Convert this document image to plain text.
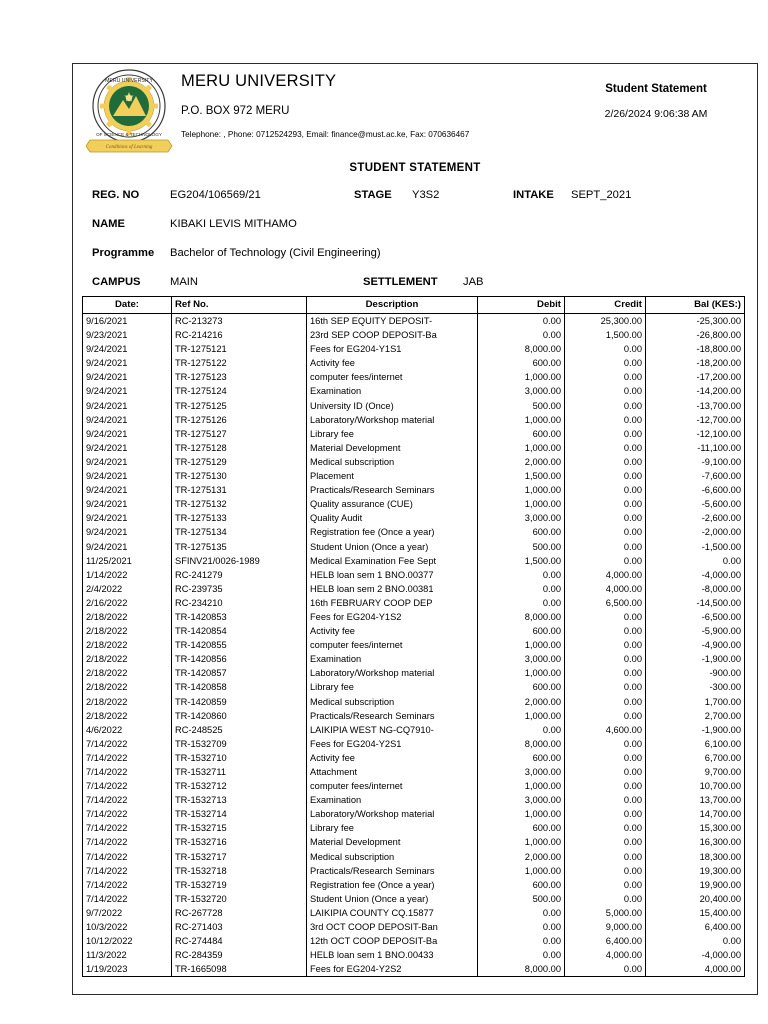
MERU UNIVERSITY
OF SCIENCE & TECHNOLOGY
Conditions of Learning
MERU UNIVERSITY
P.O. BOX 972 MERU
Telephone: , Phone: 0712524293, Email: finance@must.ac.ke, Fax: 070636467
Student Statement
2/26/2024 9:06:38 AM
STUDENT STATEMENT
REG. NO	EG204/106569/21	STAGE Y3S2	INTAKE SEPT_2021
NAME	KIBAKI LEVIS MITHAMO
Programme Bachelor of Technology (Civil Engineering)
CAMPUS	MAIN	SETTLEMENT JAB
Date:	Ref No.	Description	Debit	Credit	Bal (KES:)
9/16/2021	RC-213273	16th SEP EQUITY DEPOSIT-	0.00	25,300.00	-25,300.00
9/23/2021	RC-214216	23rd SEP COOP DEPOSIT-Ba	0.00	1,500.00	-26,800.00
9/24/2021	TR-1275121	Fees for EG204-Y1S1	8,000.00	0.00	-18,800.00
9/24/2021	TR-1275122	Activity fee	600.00	0.00	-18,200.00
9/24/2021	TR-1275123	computer fees/internet	1,000.00	0.00	-17,200.00
9/24/2021	TR-1275124	Examination	3,000.00	0.00	-14,200.00
9/24/2021	TR-1275125	University ID (Once)	500.00	0.00	-13,700.00
9/24/2021	TR-1275126	Laboratory/Workshop material	1,000.00	0.00	-12,700.00
9/24/2021	TR-1275127	Library fee	600.00	0.00	-12,100.00
9/24/2021	TR-1275128	Material Development	1,000.00	0.00	-11,100.00
9/24/2021	TR-1275129	Medical subscription	2,000.00	0.00	-9,100.00
9/24/2021	TR-1275130	Placement	1,500.00	0.00	-7,600.00
9/24/2021	TR-1275131	Practicals/Research Seminars	1,000.00	0.00	-6,600.00
9/24/2021	TR-1275132	Quality assurance (CUE)	1,000.00	0.00	-5,600.00
9/24/2021	TR-1275133	Quality Audit	3,000.00	0.00	-2,600.00
9/24/2021	TR-1275134	Registration fee (Once a year)	600.00	0.00	-2,000.00
9/24/2021	TR-1275135	Student Union (Once a year)	500.00	0.00	-1,500.00
11/25/2021	SFINV21/0026-1989	Medical Examination Fee Sept	1,500.00	0.00	0.00
1/14/2022	RC-241279	HELB loan sem 1 BNO.00377	0.00	4,000.00	-4,000.00
2/4/2022	RC-239735	HELB loan sem 2 BNO.00381	0.00	4,000.00	-8,000.00
2/16/2022	RC-234210	16th FEBRUARY COOP DEP	0.00	6,500.00	-14,500.00
2/18/2022	TR-1420853	Fees for EG204-Y1S2	8,000.00	0.00	-6,500.00
2/18/2022	TR-1420854	Activity fee	600.00	0.00	-5,900.00
2/18/2022	TR-1420855	computer fees/internet	1,000.00	0.00	-4,900.00
2/18/2022	TR-1420856	Examination	3,000.00	0.00	-1,900.00
2/18/2022	TR-1420857	Laboratory/Workshop material	1,000.00	0.00	-900.00
2/18/2022	TR-1420858	Library fee	600.00	0.00	-300.00
2/18/2022	TR-1420859	Medical subscription	2,000.00	0.00	1,700.00
2/18/2022	TR-1420860	Practicals/Research Seminars	1,000.00	0.00	2,700.00
4/6/2022	RC-248525	LAIKIPIA WEST NG-CQ7910-	0.00	4,600.00	-1,900.00
7/14/2022	TR-1532709	Fees for EG204-Y2S1	8,000.00	0.00	6,100.00
7/14/2022	TR-1532710	Activity fee	600.00	0.00	6,700.00
7/14/2022	TR-1532711	Attachment	3,000.00	0.00	9,700.00
7/14/2022	TR-1532712	computer fees/internet	1,000.00	0.00	10,700.00
7/14/2022	TR-1532713	Examination	3,000.00	0.00	13,700.00
7/14/2022	TR-1532714	Laboratory/Workshop material	1,000.00	0.00	14,700.00
7/14/2022	TR-1532715	Library fee	600.00	0.00	15,300.00
7/14/2022	TR-1532716	Material Development	1,000.00	0.00	16,300.00
7/14/2022	TR-1532717	Medical subscription	2,000.00	0.00	18,300.00
7/14/2022	TR-1532718	Practicals/Research Seminars	1,000.00	0.00	19,300.00
7/14/2022	TR-1532719	Registration fee (Once a year)	600.00	0.00	19,900.00
7/14/2022	TR-1532720	Student Union (Once a year)	500.00	0.00	20,400.00
9/7/2022	RC-267728	LAIKIPIA COUNTY CQ.15877	0.00	5,000.00	15,400.00
10/3/2022	RC-271403	3rd OCT COOP DEPOSIT-Ban	0.00	9,000.00	6,400.00
10/12/2022	RC-274484	12th OCT COOP DEPOSIT-Ba	0.00	6,400.00	0.00
11/3/2022	RC-284359	HELB loan sem 1 BNO.00433	0.00	4,000.00	-4,000.00
1/19/2023	TR-1665098	Fees for EG204-Y2S2	8,000.00	0.00	4,000.00
